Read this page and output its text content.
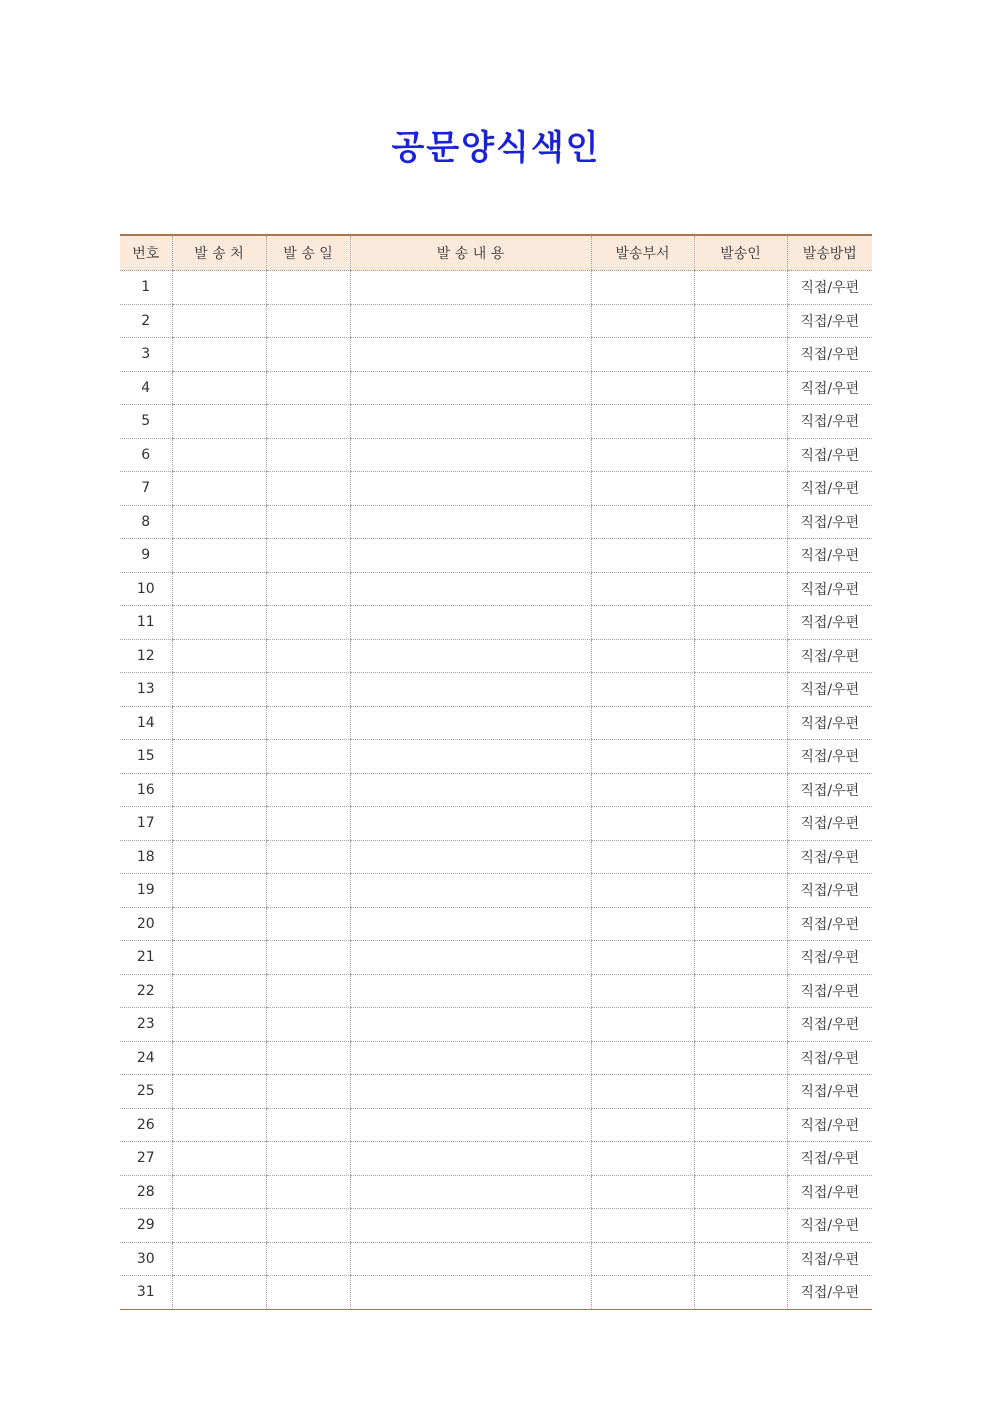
공문양식색인
번호	발 송 처	발 송 일	발 송 내 용	발송부서	발송인	발송방법
1						직접/우편
2						직접/우편
3						직접/우편
4						직접/우편
5						직접/우편
6						직접/우편
7						직접/우편
8						직접/우편
9						직접/우편
10						직접/우편
11						직접/우편
12						직접/우편
13						직접/우편
14						직접/우편
15						직접/우편
16						직접/우편
17						직접/우편
18						직접/우편
19						직접/우편
20						직접/우편
21						직접/우편
22						직접/우편
23						직접/우편
24						직접/우편
25						직접/우편
26						직접/우편
27						직접/우편
28						직접/우편
29						직접/우편
30						직접/우편
31						직접/우편
